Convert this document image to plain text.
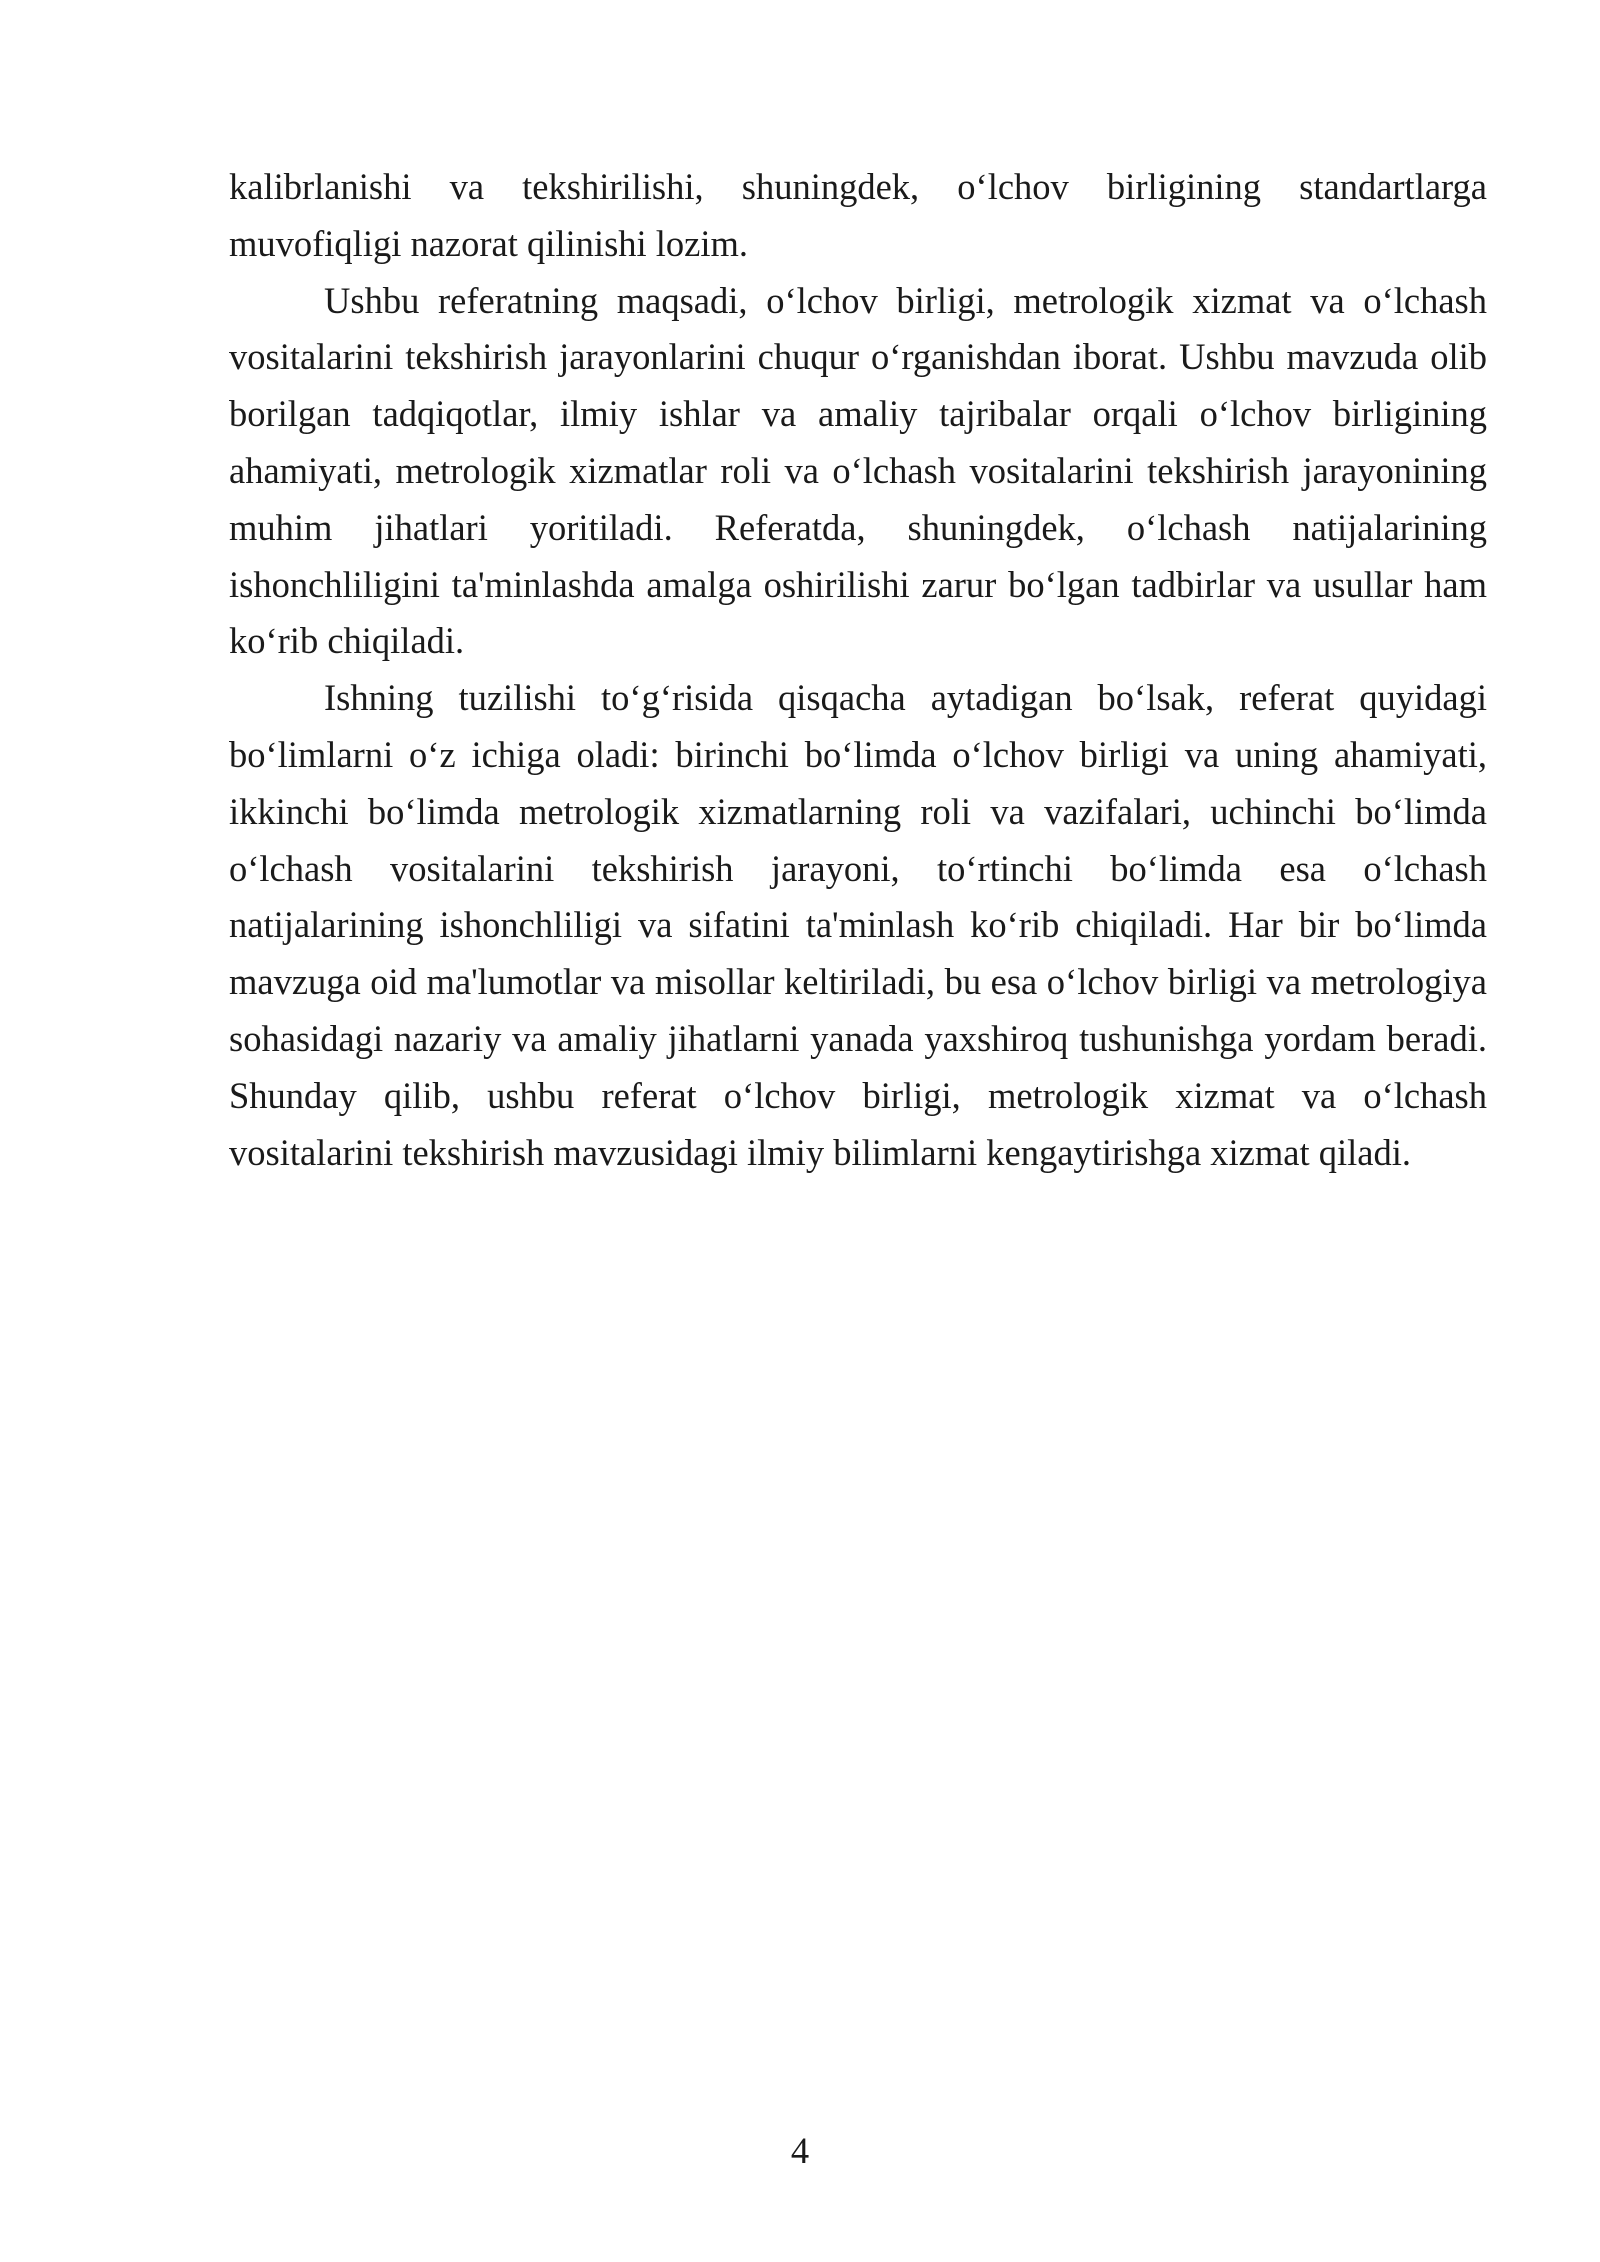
kalibrlanishi va tekshirilishi, shuningdek, o‘lchov birligining standartlarga muvofiqligi nazorat qilinishi lozim.

Ushbu referatning maqsadi, o‘lchov birligi, metrologik xizmat va o‘lchash vositalarini tekshirish jarayonlarini chuqur o‘rganishdan iborat. Ushbu mavzuda olib borilgan tadqiqotlar, ilmiy ishlar va amaliy tajribalar orqali o‘lchov birligining ahamiyati, metrologik xizmatlar roli va o‘lchash vositalarini tekshirish jarayonining muhim jihatlari yoritiladi. Referatda, shuningdek, o‘lchash natijalarining ishonchliligini ta'minlashda amalga oshirilishi zarur bo‘lgan tadbirlar va usullar ham ko‘rib chiqiladi.

Ishning tuzilishi to‘g‘risida qisqacha aytadigan bo‘lsak, referat quyidagi bo‘limlarni o‘z ichiga oladi: birinchi bo‘limda o‘lchov birligi va uning ahamiyati, ikkinchi bo‘limda metrologik xizmatlarning roli va vazifalari, uchinchi bo‘limda o‘lchash vositalarini tekshirish jarayoni, to‘rtinchi bo‘limda esa o‘lchash natijalarining ishonchliligi va sifatini ta'minlash ko‘rib chiqiladi. Har bir bo‘limda mavzuga oid ma'lumotlar va misollar keltiriladi, bu esa o‘lchov birligi va metrologiya sohasidagi nazariy va amaliy jihatlarni yanada yaxshiroq tushunishga yordam beradi. Shunday qilib, ushbu referat o‘lchov birligi, metrologik xizmat va o‘lchash vositalarini tekshirish mavzusidagi ilmiy bilimlarni kengaytirishga xizmat qiladi.

4
